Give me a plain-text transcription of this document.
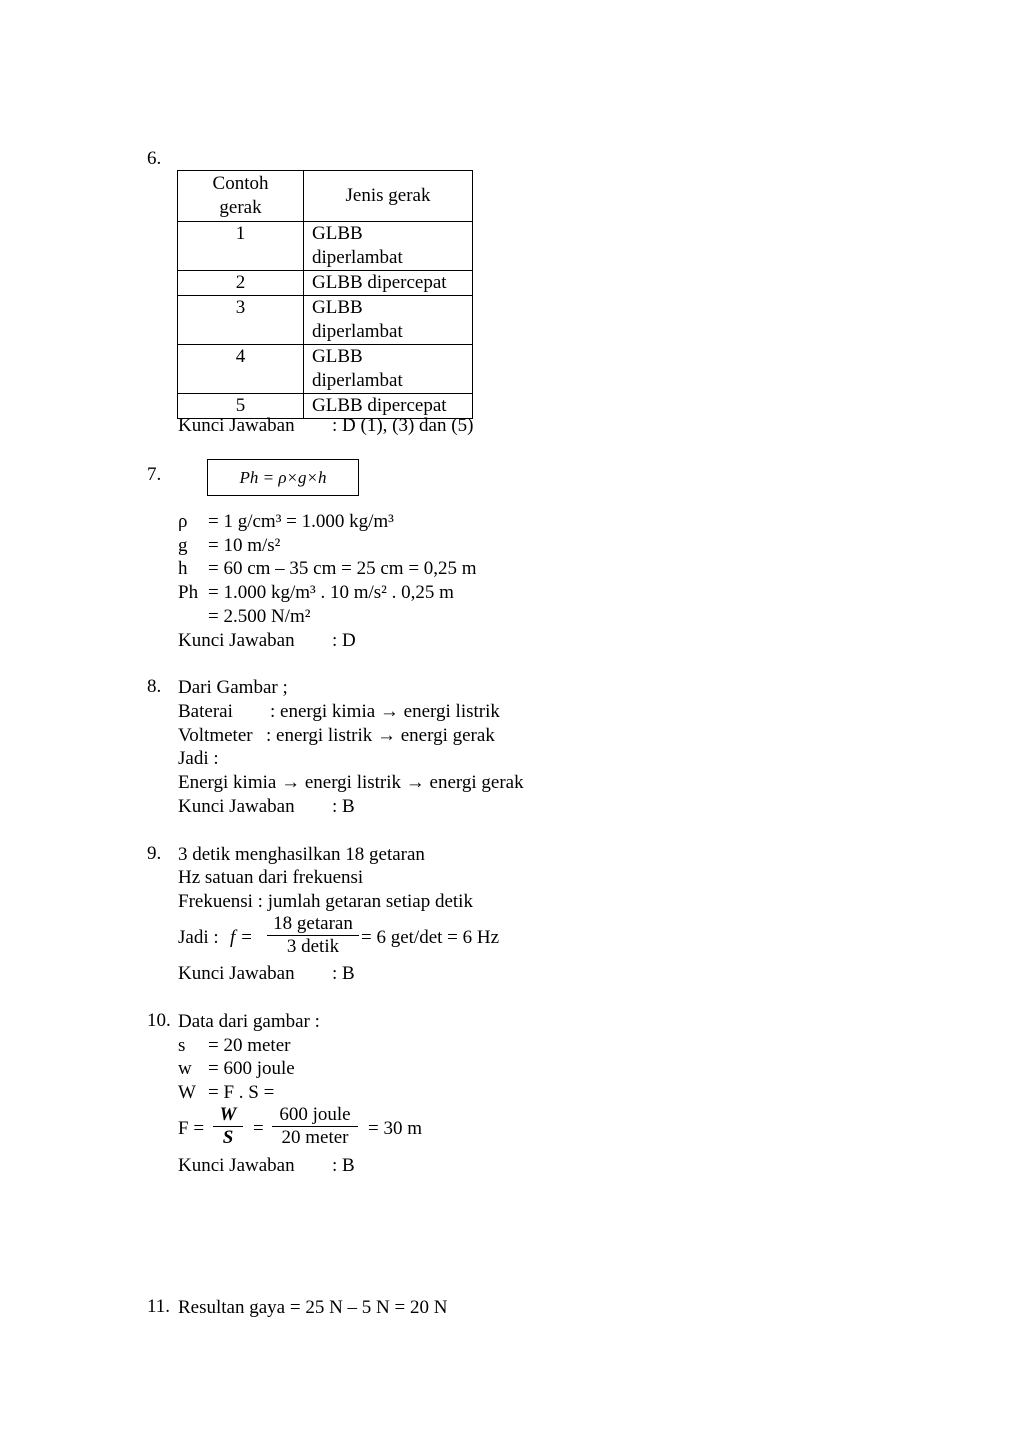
6.
Contoh gerak	Jenis gerak
1	GLBB diperlambat
2	GLBB dipercepat
3	GLBB diperlambat
4	GLBB diperlambat
5	GLBB dipercepat
Kunci Jawaban : D (1), (3) dan (5)
7.	Ph = ρ×g×h
ρ = 1 g/cm³ = 1.000 kg/m³
g = 10 m/s²
h = 60 cm – 35 cm = 25 cm = 0,25 m
Ph = 1.000 kg/m³ . 10 m/s² . 0,25 m
= 2.500 N/m²
Kunci Jawaban : D
8. Dari Gambar ;
Baterai : energi kimia → energi listrik
Voltmeter : energi listrik → energi gerak
Jadi :
Energi kimia → energi listrik → energi gerak
Kunci Jawaban : B
9. 3 detik menghasilkan 18 getaran
Hz satuan dari frekuensi
Frekuensi : jumlah getaran setiap detik
Jadi : f =
18 getaran
3 detik	= 6 get/det = 6 Hz
Kunci Jawaban : B
10. Data dari gambar :
s = 20 meter
w = 600 joule
W = F . S =
$F = \frac{W}{S}$ =
600 joule
20 meter	= 30 m
Kunci Jawaban : B
11. Resultan gaya = 25 N – 5 N = 20 N
